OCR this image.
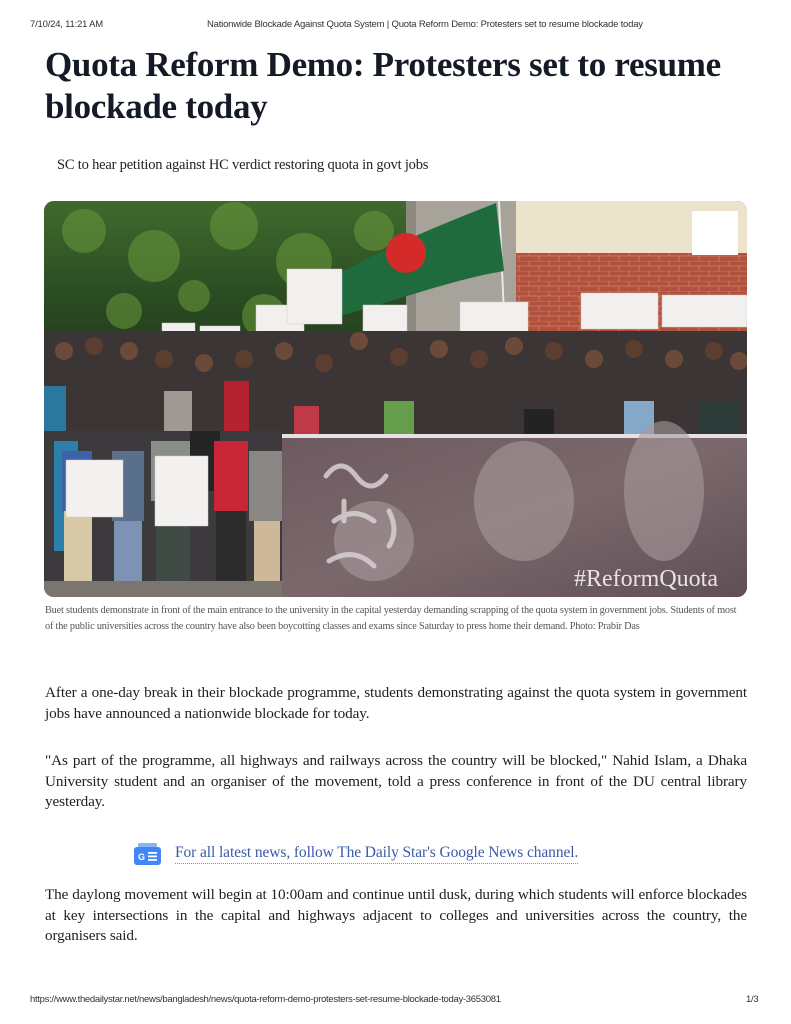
7/10/24, 11:21 AM	Nationwide Blockade Against Quota System | Quota Reform Demo: Protesters set to resume blockade today
Quota Reform Demo: Protesters set to resume blockade today

SC to hear petition against HC verdict restoring quota in govt jobs

#ReformQuota

Buet students demonstrate in front of the main entrance to the university in the capital yesterday demanding scrapping of the quota system in government jobs. Students of most of the public universities across the country have also been boycotting classes and exams since Saturday to press home their demand. Photo: Prabir Das

After a one-day break in their blockade programme, students demonstrating against the quota system in government jobs have announced a nationwide blockade for today.

"As part of the programme, all highways and railways across the country will be blocked," Nahid Islam, a Dhaka University student and an organiser of the movement, told a press conference in front of the DU central library yesterday.

G For all latest news, follow The Daily Star's Google News channel.

The daylong movement will begin at 10:00am and continue until dusk, during which students will enforce blockades at key intersections in the capital and highways adjacent to colleges and universities across the country, the organisers said.

https://www.thedailystar.net/news/bangladesh/news/quota-reform-demo-protesters-set-resume-blockade-today-3653081	1/3
